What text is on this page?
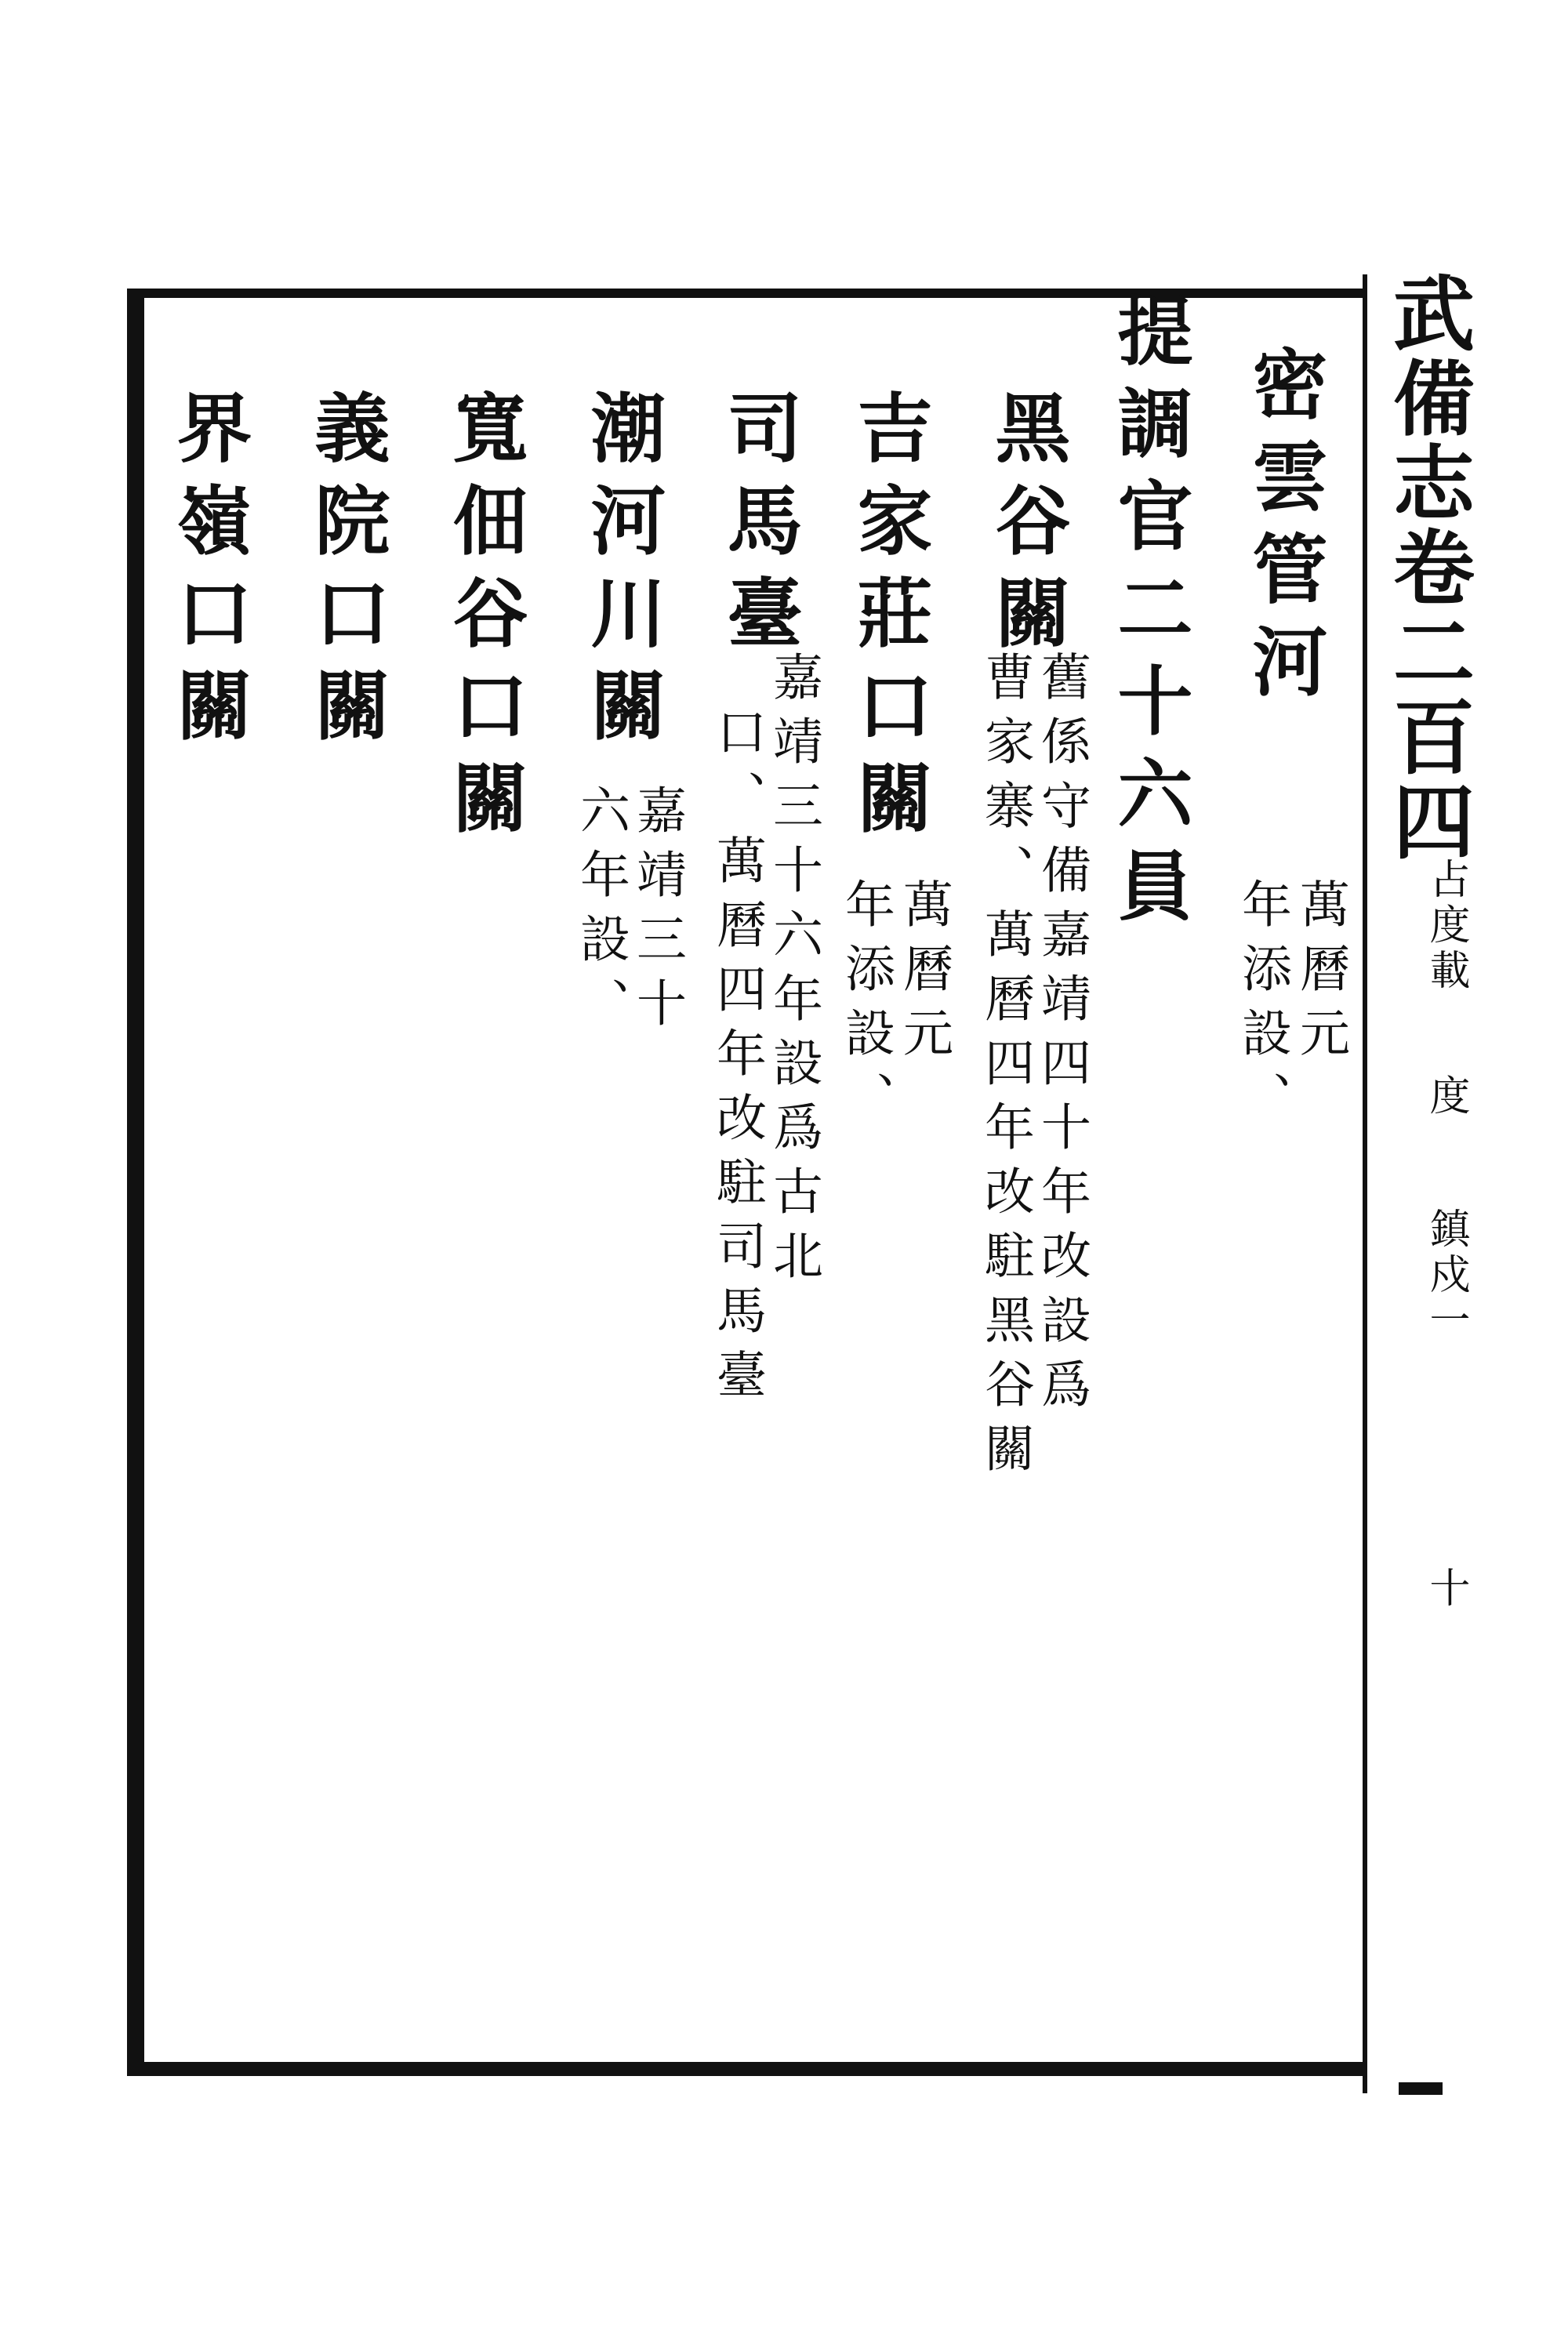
武備志卷二百四
占度載
度
鎮戍一
十
密雲管河
萬曆元
年添設、
提調官二十六員
黑谷關
舊係守備嘉靖四十年改設爲
曹家寨、萬曆四年改駐黑谷關
吉家莊口關
萬曆元
年添設、
司馬臺
嘉靖三十六年設爲古北
口、萬曆四年改駐司馬臺
潮河川關
嘉靖三十
六年設、
寬佃谷口關
義院口關
界嶺口關
